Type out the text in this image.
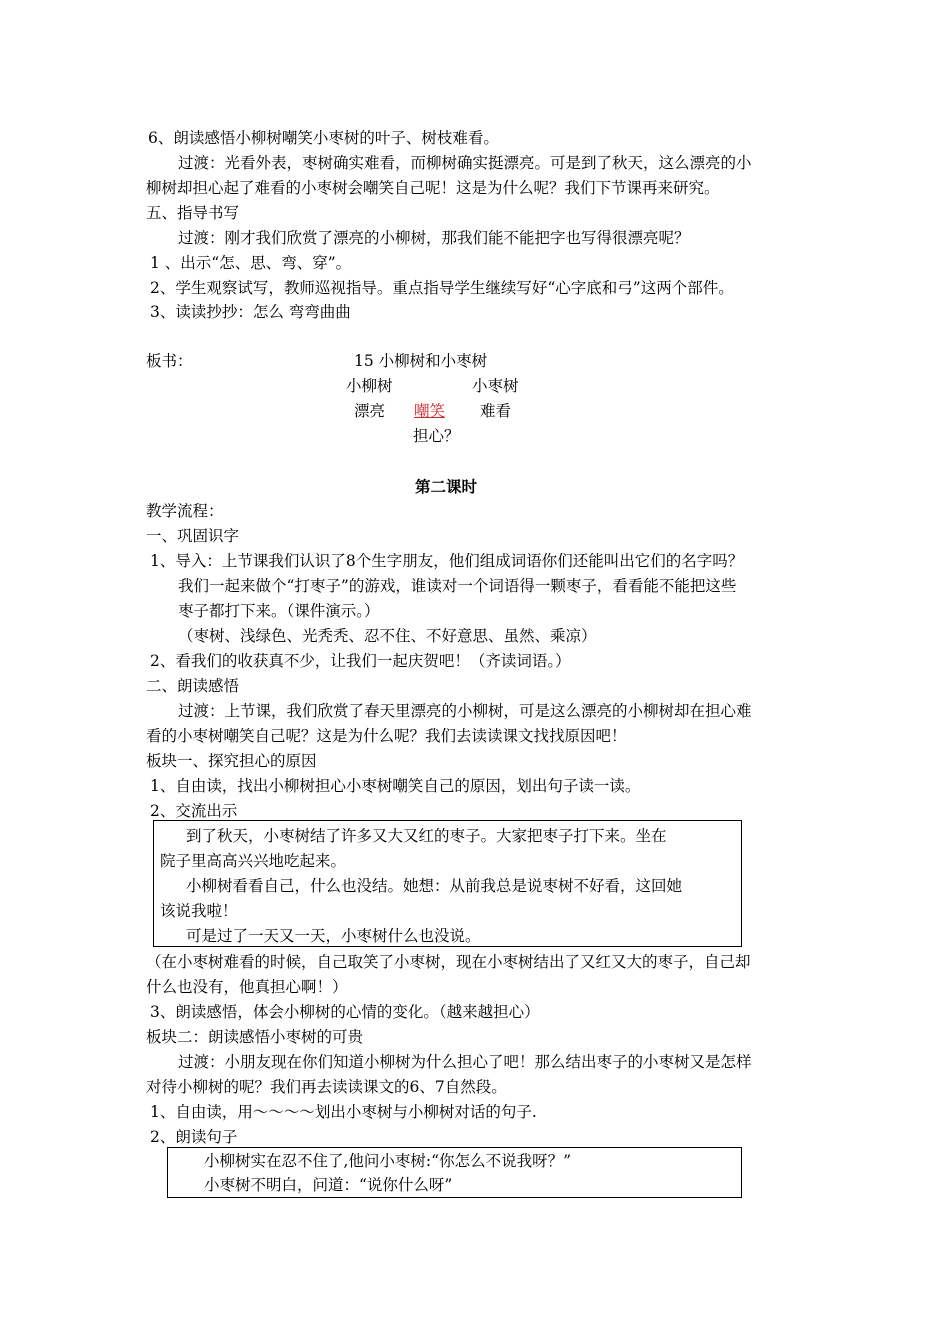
6、朗读感悟小柳树嘲笑小枣树的叶子、树枝难看。
过渡：光看外表，枣树确实难看，而柳树确实挺漂亮。可是到了秋天，这么漂亮的小
柳树却担心起了难看的小枣树会嘲笑自己呢！这是为什么呢？我们下节课再来研究。
五、指导书写
过渡：刚才我们欣赏了漂亮的小柳树，那我们能不能把字也写得很漂亮呢？
1 、出示“怎、思、弯、穿”。
2、学生观察试写，教师巡视指导。重点指导学生继续写好“心字底和弓”这两个部件。
3、读读抄抄：怎么 弯弯曲曲
板书：	15 小柳树和小枣树
小柳树	小枣树
漂亮 嘲笑 难看
担心？
第二课时
教学流程：
一、巩固识字
1、导入：上节课我们认识了8个生字朋友，他们组成词语你们还能叫出它们的名字吗？
我们一起来做个“打枣子”的游戏，谁读对一个词语得一颗枣子，看看能不能把这些
枣子都打下来。（课件演示。）
（枣树、浅绿色、光秃秃、忍不住、不好意思、虽然、乘凉）
2、看我们的收获真不少，让我们一起庆贺吧！（齐读词语。）
二、朗读感悟
过渡：上节课，我们欣赏了春天里漂亮的小柳树，可是这么漂亮的小柳树却在担心难
看的小枣树嘲笑自己呢？这是为什么呢？我们去读读课文找找原因吧！
板块一、探究担心的原因
1、自由读，找出小柳树担心小枣树嘲笑自己的原因，划出句子读一读。
2、交流出示
到了秋天，小枣树结了许多又大又红的枣子。大家把枣子打下来。坐在
院子里高高兴兴地吃起来。
小柳树看看自己，什么也没结。她想：从前我总是说枣树不好看，这回她
该说我啦！
可是过了一天又一天，小枣树什么也没说。
（在小枣树难看的时候，自己取笑了小枣树，现在小枣树结出了又红又大的枣子，自己却
什么也没有，他真担心啊！）
3、朗读感悟，体会小柳树的心情的变化。（越来越担心）
板块二：朗读感悟小枣树的可贵
过渡：小朋友现在你们知道小柳树为什么担心了吧！那么结出枣子的小枣树又是怎样
对待小柳树的呢？我们再去读读课文的6、7自然段。
1、自由读，用～～～～划出小枣树与小柳树对话的句子.
2、朗读句子
小柳树实在忍不住了,他问小枣树:“你怎么不说我呀？”
小枣树不明白，问道：“说你什么呀”
